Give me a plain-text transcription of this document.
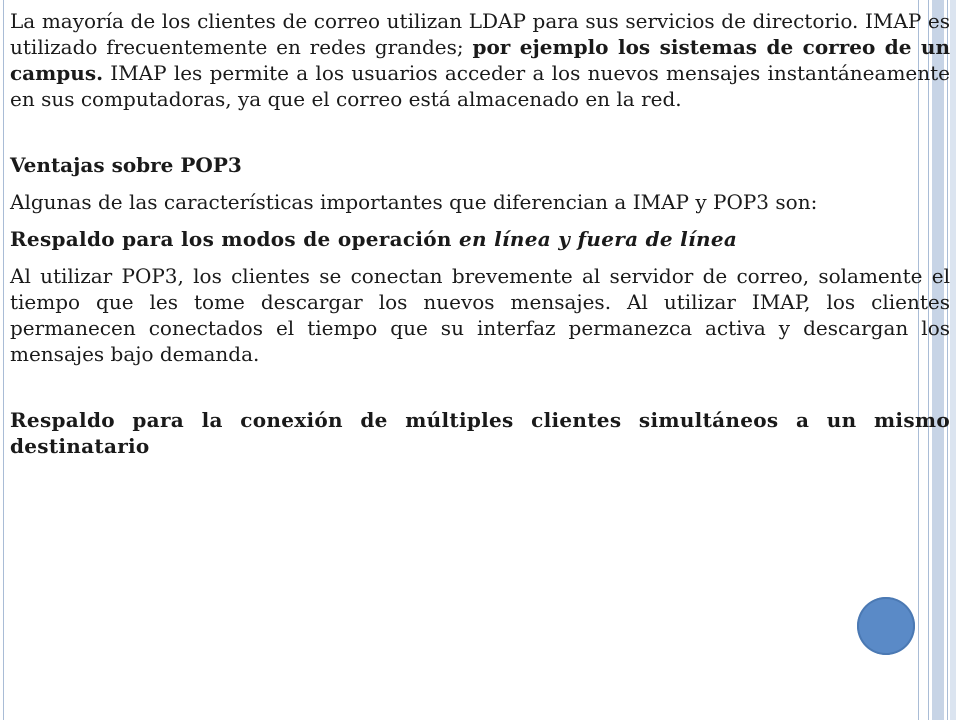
La mayoría de los clientes de correo utilizan LDAP para sus servicios de directorio. IMAP es utilizado frecuentemente en redes grandes; por ejemplo los sistemas de correo de un campus. IMAP les permite a los usuarios acceder a los nuevos mensajes instantáneamente en sus computadoras, ya que el correo está almacenado en la red.

Ventajas sobre POP3

Algunas de las características importantes que diferencian a IMAP y POP3 son:

Respaldo para los modos de operación en línea y fuera de línea

Al utilizar POP3, los clientes se conectan brevemente al servidor de correo, solamente el tiempo que les tome descargar los nuevos mensajes. Al utilizar IMAP, los clientes permanecen conectados el tiempo que su interfaz permanezca activa y descargan los mensajes bajo demanda.

Respaldo para la conexión de múltiples clientes simultáneos a un mismo destinatario
